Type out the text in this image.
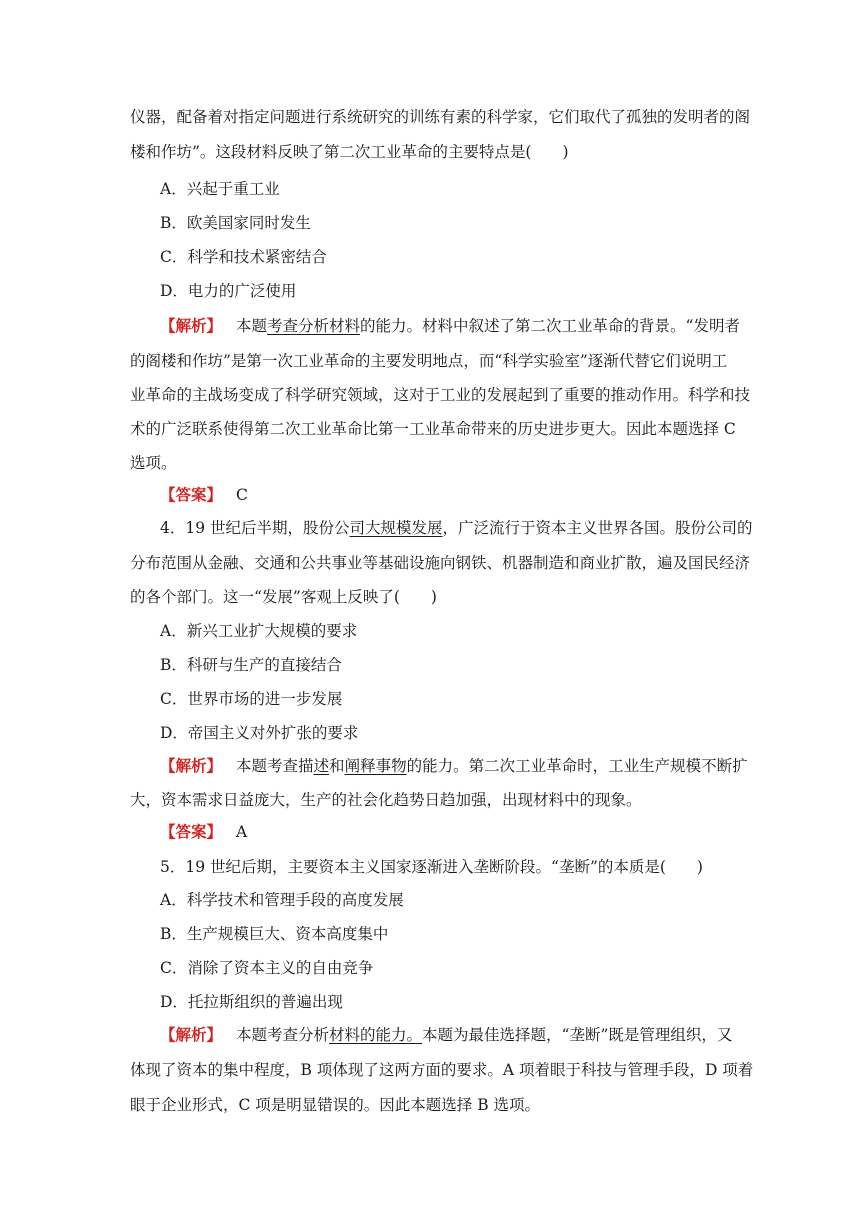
仪器，配备着对指定问题进行系统研究的训练有素的科学家，它们取代了孤独的发明者的阁
楼和作坊”。这段材料反映了第二次工业革命的主要特点是(　　)
A．兴起于重工业
B．欧美国家同时发生
C．科学和技术紧密结合
D．电力的广泛使用
【解析】 本题考查分析材料的能力。材料中叙述了第二次工业革命的背景。“发明者
的阁楼和作坊”是第一次工业革命的主要发明地点，而“科学实验室”逐渐代替它们说明工
业革命的主战场变成了科学研究领域，这对于工业的发展起到了重要的推动作用。科学和技
术的广泛联系使得第二次工业革命比第一工业革命带来的历史进步更大。因此本题选择 C
选项。
【答案】 C
4．19 世纪后半期，股份公司大规模发展，广泛流行于资本主义世界各国。股份公司的
分布范围从金融、交通和公共事业等基础设施向钢铁、机器制造和商业扩散，遍及国民经济
的各个部门。这一“发展”客观上反映了(　　)
A．新兴工业扩大规模的要求
B．科研与生产的直接结合
C．世界市场的进一步发展
D．帝国主义对外扩张的要求
【解析】 本题考查描述和阐释事物的能力。第二次工业革命时，工业生产规模不断扩
大，资本需求日益庞大，生产的社会化趋势日趋加强，出现材料中的现象。
【答案】 A
5．19 世纪后期，主要资本主义国家逐渐进入垄断阶段。“垄断”的本质是(　　)
A．科学技术和管理手段的高度发展
B．生产规模巨大、资本高度集中
C．消除了资本主义的自由竞争
D．托拉斯组织的普遍出现
【解析】 本题考查分析材料的能力。本题为最佳选择题，“垄断”既是管理组织，又
体现了资本的集中程度，B 项体现了这两方面的要求。A 项着眼于科技与管理手段，D 项着
眼于企业形式，C 项是明显错误的。因此本题选择 B 选项。
